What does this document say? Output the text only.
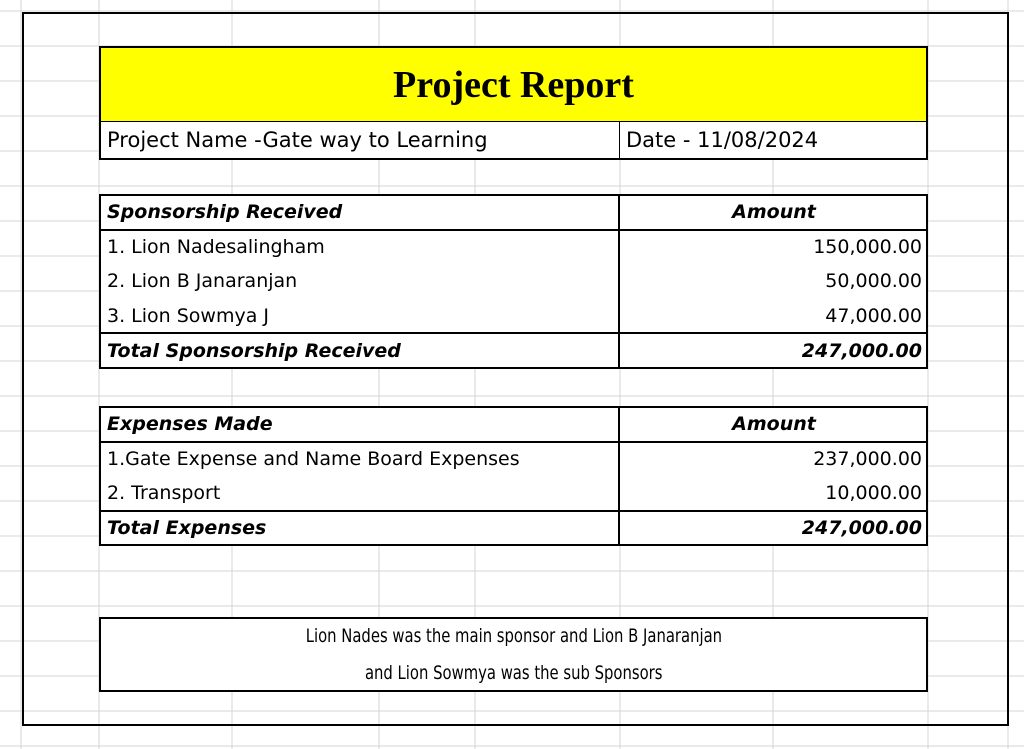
Project Report
Project Name -Gate way to Learning	Date - 11/08/2024
Sponsorship Received	Amount
1. Lion Nadesalingham	150,000.00
2. Lion B Janaranjan	50,000.00
3. Lion Sowmya J	47,000.00
Total Sponsorship Received	247,000.00
Expenses Made	Amount
1.Gate Expense and Name Board Expenses	237,000.00
2. Transport	10,000.00
Total Expenses	247,000.00
Lion Nades was the main sponsor and Lion B Janaranjan
and Lion Sowmya was the sub Sponsors
